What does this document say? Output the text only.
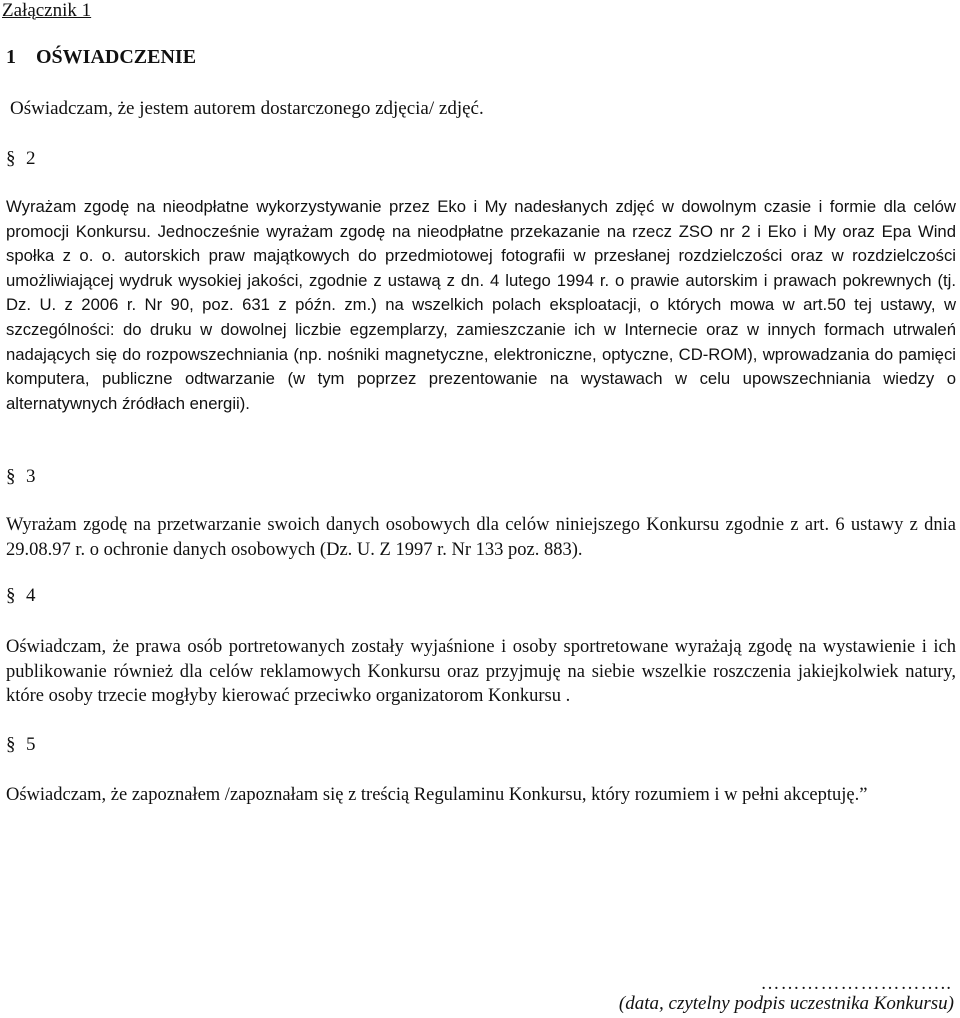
Załącznik 1
1 OŚWIADCZENIE
Oświadczam, że jestem autorem dostarczonego zdjęcia/ zdjęć.
§ 2
Wyrażam zgodę na nieodpłatne wykorzystywanie przez Eko i My nadesłanych zdjęć w dowolnym czasie i formie dla celów promocji Konkursu. Jednocześnie wyrażam zgodę na nieodpłatne przekazanie na rzecz ZSO nr 2 i Eko i My oraz Epa Wind społka z o. o. autorskich praw majątkowych do przedmiotowej fotografii w przesłanej rozdzielczości oraz w rozdzielczości umożliwiającej wydruk wysokiej jakości, zgodnie z ustawą z dn. 4 lutego 1994 r. o prawie autorskim i prawach pokrewnych (tj. Dz. U. z 2006 r. Nr 90, poz. 631 z późn. zm.) na wszelkich polach eksploatacji, o których mowa w art.50 tej ustawy, w szczególności: do druku w dowolnej liczbie egzemplarzy, zamieszczanie ich w Internecie oraz w innych formach utrwaleń nadających się do rozpowszechniania (np. nośniki magnetyczne, elektroniczne, optyczne, CD-ROM), wprowadzania do pamięci komputera, publiczne odtwarzanie (w tym poprzez prezentowanie na wystawach w celu upowszechniania wiedzy o alternatywnych źródłach energii).
§ 3
Wyrażam zgodę na przetwarzanie swoich danych osobowych dla celów niniejszego Konkursu zgodnie z art. 6 ustawy z dnia 29.08.97 r. o ochronie danych osobowych (Dz. U. Z 1997 r. Nr 133 poz. 883).
§ 4
Oświadczam, że prawa osób portretowanych zostały wyjaśnione i osoby sportretowane wyrażają zgodę na wystawienie i ich publikowanie również dla celów reklamowych Konkursu oraz przyjmuję na siebie wszelkie roszczenia jakiejkolwiek natury, które osoby trzecie mogłyby kierować przeciwko organizatorom Konkursu .
§ 5
Oświadczam, że zapoznałem /zapoznałam się z treścią Regulaminu Konkursu, który rozumiem i w pełni akceptuję.”
………………………..
(data, czytelny podpis uczestnika Konkursu)
